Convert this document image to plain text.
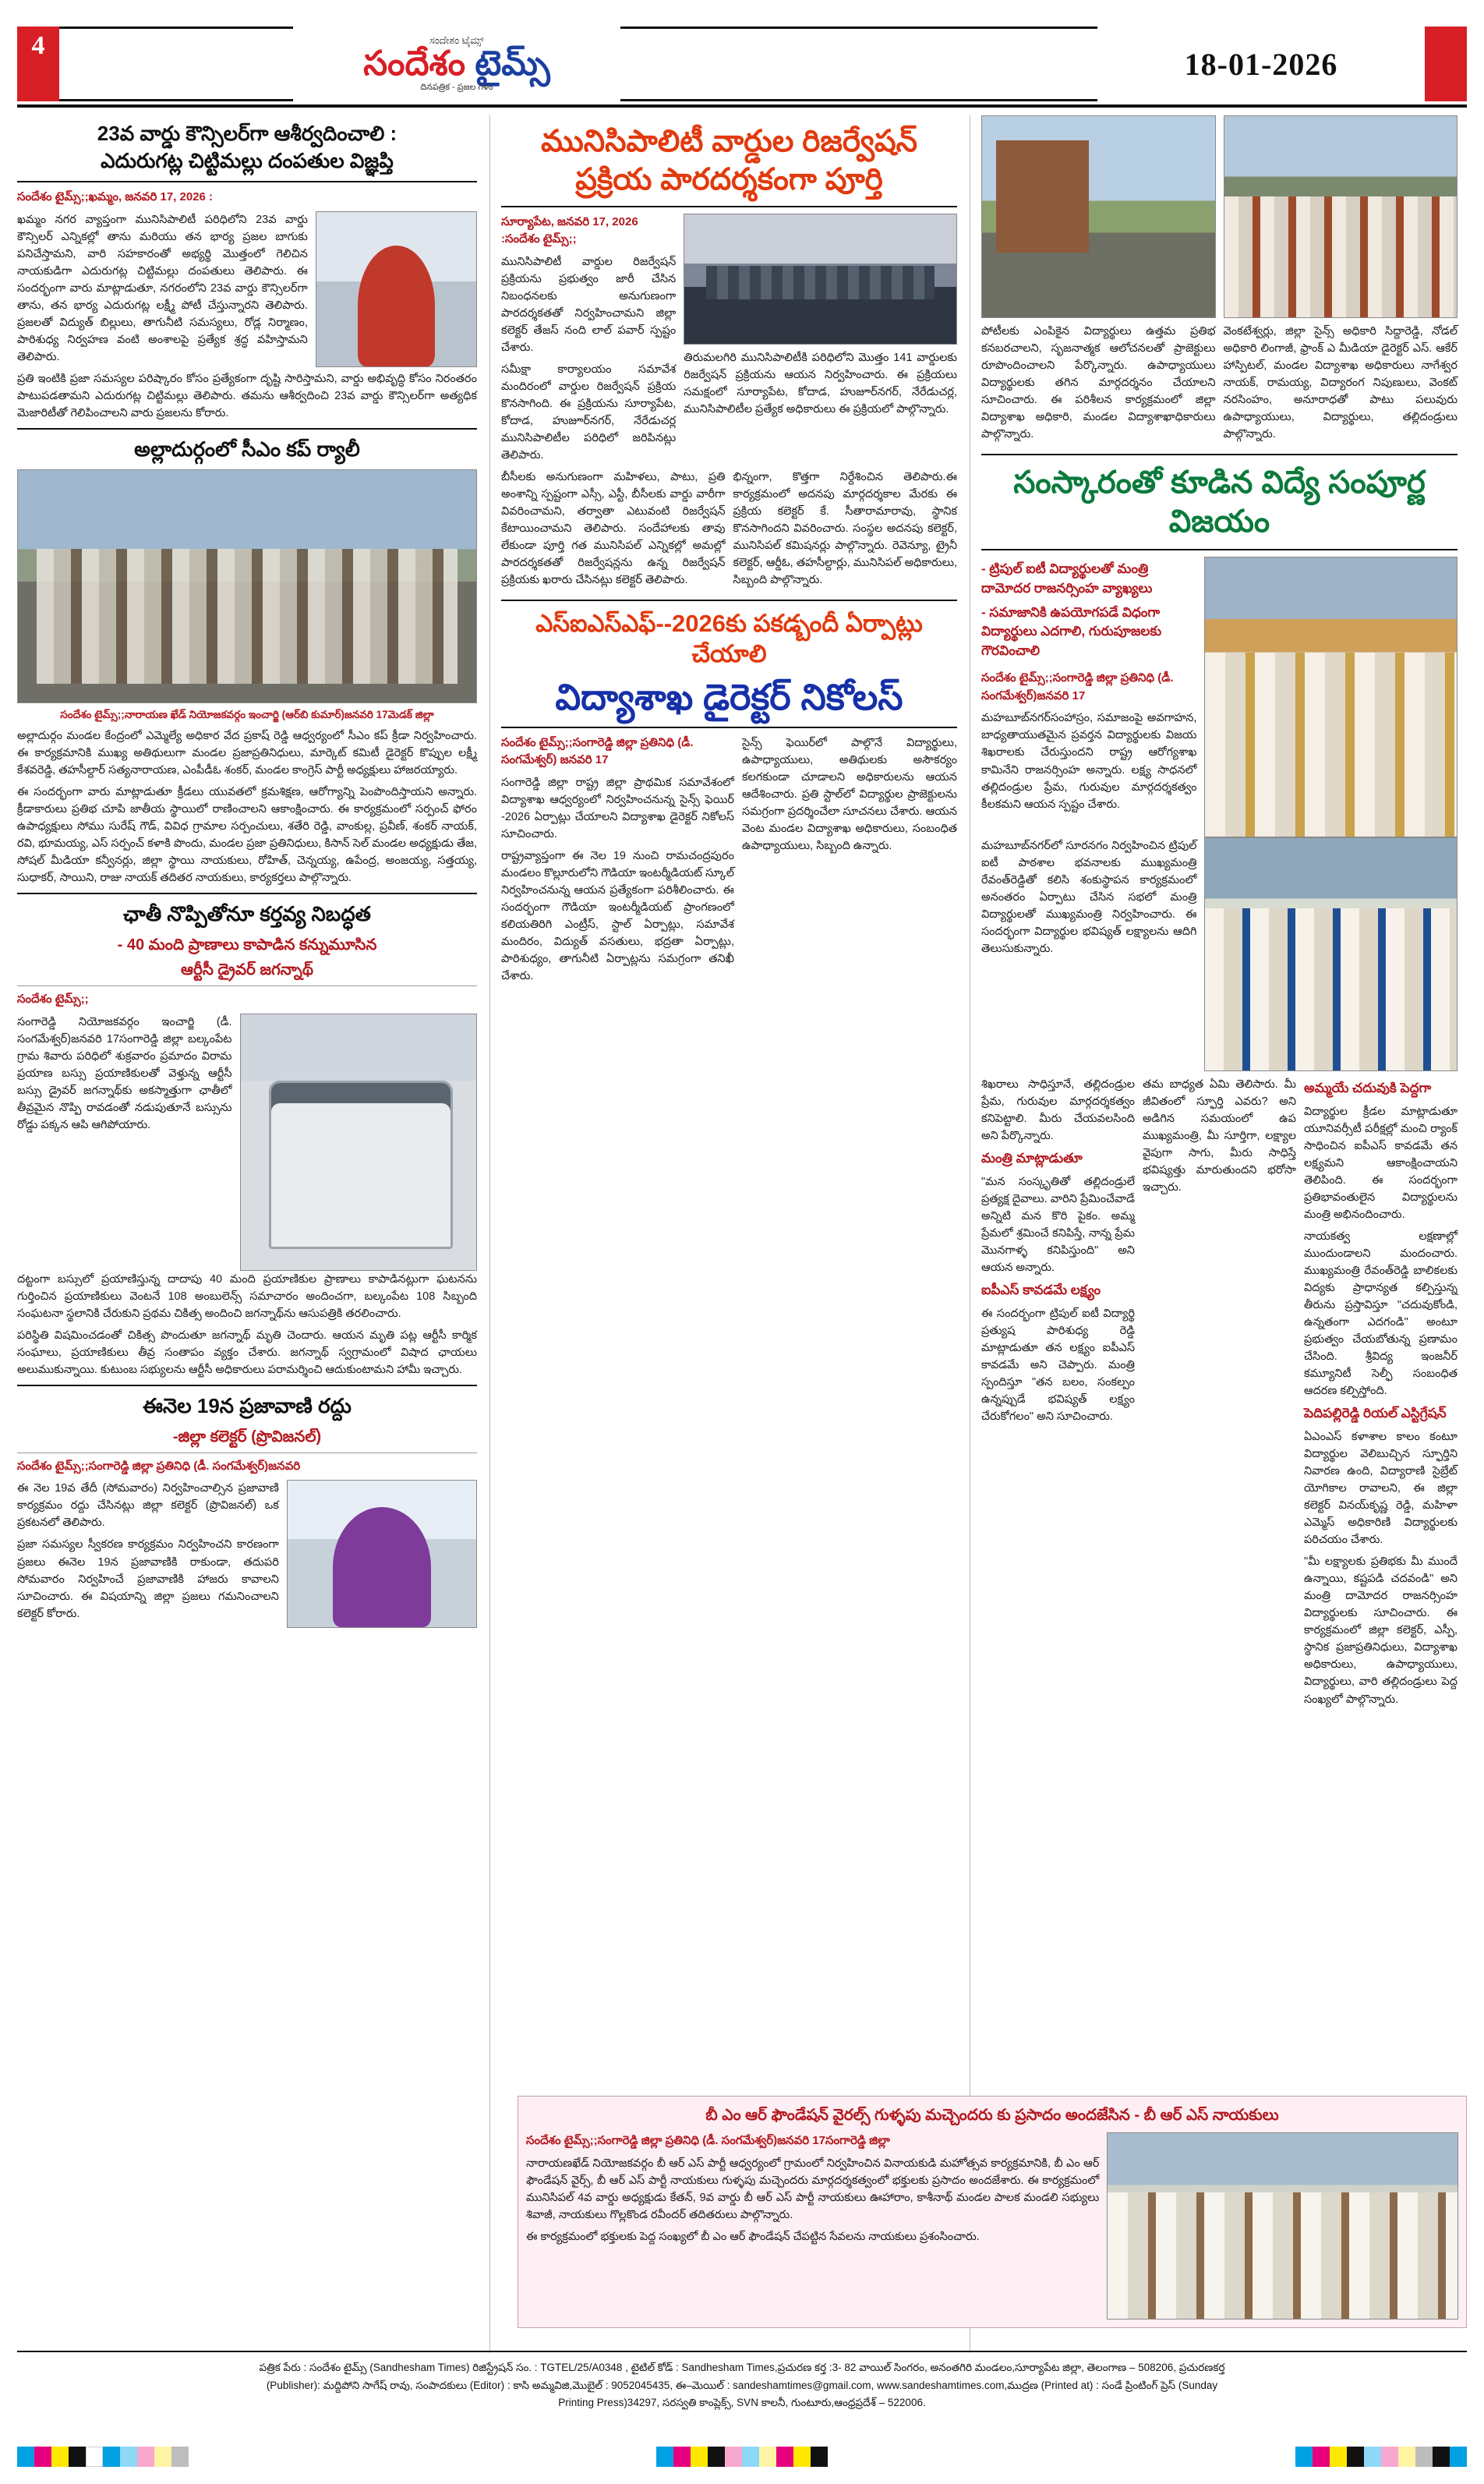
4	ಸಂದೇಶಂ ಟೈಮ್ಸ್
సందేశం టైమ్స్
దినపత్రిక - ప్రజల గళం
18-01-2026
23వ వార్డు కౌన్సిలర్‌గా ఆశీర్వదించాలి :
ఎదురుగట్ల చిట్టిమల్లు దంపతుల విజ్ఞప్తి
సందేశం టైమ్స్;;ఖమ్మం, జనవరి 17, 2026 :

ఖమ్మం నగర వ్యాప్తంగా మునిసిపాలిటీ పరిధిలోని 23వ వార్డు కౌన్సిలర్ ఎన్నికల్లో తాను మరియు తన భార్య ప్రజల బాగుకు పనిచేస్తామని, వారి సహకారంతో అభ్యర్థి మొత్తంలో గెలిచిన నాయకుడిగా ఎదురుగట్ల చిట్టిమల్లు దంపతులు తెలిపారు. ఈ సందర్భంగా వారు మాట్లాడుతూ, నగరంలోని 23వ వార్డు కౌన్సిలర్‌గా తాను, తన భార్య ఎదురుగట్ల లక్ష్మీ పోటీ చేస్తున్నారని తెలిపారు. ప్రజలతో విద్యుత్ బిల్లులు, తాగునీటి సమస్యలు, రోడ్ల నిర్మాణం, పారిశుధ్య నిర్వహణ వంటి అంశాలపై ప్రత్యేక శ్రద్ధ వహిస్తామని తెలిపారు.

ప్రతి ఇంటికి ప్రజా సమస్యల పరిష్కారం కోసం ప్రత్యేకంగా దృష్టి సారిస్తామని, వార్డు అభివృద్ధి కోసం నిరంతరం పాటుపడతామని ఎదురుగట్ల చిట్టిమల్లు తెలిపారు. తమను ఆశీర్వదించి 23వ వార్డు కౌన్సిలర్‌గా అత్యధిక మెజారిటీతో గెలిపించాలని వారు ప్రజలను కోరారు.

అల్లాదుర్గంలో సీఎం కప్ ర్యాలీ
సందేశం టైమ్స్;;నారాయణ ఖేడ్ నియోజకవర్గం ఇంచార్జి (ఆర్‌బి కుమార్)జనవరి 17మెడక్ జిల్లా

అల్లాదుర్గం మండల కేంద్రంలో ఎమ్మెల్యే అధికార వేద ప్రకాష్ రెడ్డి ఆధ్వర్యంలో సీఎం కప్ క్రీడా నిర్వహించారు. ఈ కార్యక్రమానికి ముఖ్య అతిథులుగా మండల ప్రజాప్రతినిధులు, మార్కెట్ కమిటీ డైరెక్టర్ కొప్పుల లక్ష్మీ కేశవరెడ్డి, తహసీల్దార్ సత్యనారాయణ, ఎంపీడీఓ శంకర్, మండల కాంగ్రెస్ పార్టీ అధ్యక్షులు హాజరయ్యారు.

ఈ సందర్భంగా వారు మాట్లాడుతూ క్రీడలు యువతలో క్రమశిక్షణ, ఆరోగ్యాన్ని పెంపొందిస్తాయని అన్నారు. క్రీడాకారులు ప్రతిభ చూపి జాతీయ స్థాయిలో రాణించాలని ఆకాంక్షించారు. ఈ కార్యక్రమంలో సర్పంచ్ ఫోరం ఉపాధ్యక్షులు సోము సురేష్ గౌడ్, వివిధ గ్రామాల సర్పంచులు, శతేరి రెడ్డి, వాంకుల్ల, ప్రవీణ్, శంకర్ నాయక్, రవి, భూమయ్య, ఎస్ సర్పంచ్ కళాకి పొందు, మండల ప్రజా ప్రతినిధులు, కిసాన్ సెల్ మండల అధ్యక్షుడు తేజ, సోషల్ మీడియా కన్వీనర్లు, జిల్లా స్థాయి నాయకులు, రోహిత్, చెన్నయ్య, ఉపేంద్ర, అంజయ్య, సత్తయ్య, సుధాకర్, సాయిని, రాజు నాయక్ తదితర నాయకులు, కార్యకర్తలు పాల్గొన్నారు.

ఛాతీ నొప్పితోనూ కర్తవ్య నిబద్ధత
- 40 మంది ప్రాణాలు కాపాడిన కన్నుమూసిన
ఆర్టీసీ డ్రైవర్ జగన్నాథ్
సందేశం టైమ్స్;;

సంగారెడ్డి నియోజకవర్గం ఇంచార్జి (డీ. సంగమేశ్వర్)జనవరి 17సంగారెడ్డి జిల్లా బల్కంపేట గ్రామ శివారు పరిధిలో శుక్రవారం ప్రమాదం విరామ ప్రయాణ బస్సు ప్రయాణికులతో వెళ్తున్న ఆర్టీసీ బస్సు డ్రైవర్ జగన్నాథ్‌కు అకస్మాత్తుగా ఛాతీలో తీవ్రమైన నొప్పి రావడంతో నడుపుతూనే బస్సును రోడ్డు పక్కన ఆపి ఆగిపోయారు.

దట్టంగా బస్సులో ప్రయాణిస్తున్న దాదాపు 40 మంది ప్రయాణికుల ప్రాణాలు కాపాడినట్లుగా ఘటనను గుర్తించిన ప్రయాణికులు వెంటనే 108 అంబులెన్స్ సమాచారం అందించగా, బల్కంపేట 108 సిబ్బంది సంఘటనా స్థలానికి చేరుకుని ప్రథమ చికిత్స అందించి జగన్నాథ్‌ను ఆసుపత్రికి తరలించారు.

పరిస్థితి విషమించడంతో చికిత్స పొందుతూ జగన్నాథ్ మృతి చెందారు. ఆయన మృతి పట్ల ఆర్టీసీ కార్మిక సంఘాలు, ప్రయాణికులు తీవ్ర సంతాపం వ్యక్తం చేశారు. జగన్నాథ్ స్వగ్రామంలో విషాద ఛాయలు అలుముకున్నాయి. కుటుంబ సభ్యులను ఆర్టీసీ అధికారులు పరామర్శించి ఆదుకుంటామని హామీ ఇచ్చారు.

ఈనెల 19న ప్రజావాణి రద్దు
-జిల్లా కలెక్టర్ (ప్రొవిజనల్)
సందేశం టైమ్స్;;సంగారెడ్డి జిల్లా ప్రతినిధి (డీ. సంగమేశ్వర్)జనవరి

ఈ నెల 19వ తేదీ (సోమవారం) నిర్వహించాల్సిన ప్రజావాణి కార్యక్రమం రద్దు చేసినట్లు జిల్లా కలెక్టర్ (ప్రొవిజనల్) ఒక ప్రకటనలో తెలిపారు.

ప్రజా సమస్యల స్వీకరణ కార్యక్రమం నిర్వహించని కారణంగా ప్రజలు ఈనెల 19న ప్రజావాణికి రాకుండా, తదుపరి సోమవారం నిర్వహించే ప్రజావాణికి హాజరు కావాలని సూచించారు. ఈ విషయాన్ని జిల్లా ప్రజలు గమనించాలని కలెక్టర్ కోరారు.

మునిసిపాలిటీ వార్డుల రిజర్వేషన్ ప్రక్రియ పారదర్శకంగా పూర్తి
సూర్యాపేట, జనవరి 17, 2026 :సందేశం టైమ్స్;;

మునిసిపాలిటీ వార్డుల రిజర్వేషన్ ప్రక్రియను ప్రభుత్వం జారీ చేసిన నిబంధనలకు అనుగుణంగా పారదర్శకతతో నిర్వహించామని జిల్లా కలెక్టర్ తేజస్ నంది లాల్ పవార్ స్పష్టం చేశారు.

సమీక్షా కార్యాలయం సమావేశ మందిరంలో వార్డుల రిజర్వేషన్ ప్రక్రియ కొనసాగింది. ఈ ప్రక్రియను సూర్యాపేట, కోదాడ, హుజూర్‌నగర్, నేరేడుచర్ల మునిసిపాలిటీల పరిధిలో జరిపినట్లు తెలిపారు.

తిరుమలగిరి మునిసిపాలిటీకి పరిధిలోని మొత్తం 141 వార్డులకు రిజర్వేషన్ ప్రక్రియను ఆయన నిర్వహించారు. ఈ ప్రక్రియలు సమక్షంలో సూర్యాపేట, కోదాడ, హుజూర్‌నగర్, నేరేడుచర్ల, మునిసిపాలిటీల ప్రత్యేక అధికారులు ఈ ప్రక్రియలో పాల్గొన్నారు.

బీసీలకు అనుగుణంగా మహిళలు, పాటు, ప్రతి అంశాన్ని స్పష్టంగా ఎస్సీ, ఎస్టీ, బీసీలకు వార్డు వారీగా వివరించామని, తర్వాతా ఎటువంటి రిజర్వేషన్ కేటాయించామని తెలిపారు. సందేహాలకు తావు లేకుండా పూర్తి గత మునిసిపల్ ఎన్నికల్లో అమల్లో పారదర్శకతతో రిజర్వేషన్లను ఉన్న రిజర్వేషన్ ప్రక్రియకు ఖరారు చేసినట్లు కలెక్టర్ తెలిపారు.

భిన్నంగా, కొత్తగా నిర్దేశించిన తెలిపారు.ఈ కార్యక్రమంలో అదనపు మార్గదర్శకాల మేరకు ఈ ప్రక్రియ కలెక్టర్ కే. సీతారామారావు, స్థానిక కొనసాగిందని వివరించారు. సంస్థల అదనపు కలెక్టర్, మునిసిపల్ కమిషనర్లు పాల్గొన్నారు. రెవెన్యూ, ట్రైనీ కలెక్టర్, ఆర్డీఓ, తహసీల్దార్లు, మునిసిపల్ అధికారులు, సిబ్బంది పాల్గొన్నారు.

ఎస్‌ఐఎస్‌ఎఫ్‌--2026కు పకడ్బందీ ఏర్పాట్లు చేయాలి
విద్యాశాఖ డైరెక్టర్ నికోలస్
సందేశం టైమ్స్;;సంగారెడ్డి జిల్లా ప్రతినిధి (డీ. సంగమేశ్వర్) జనవరి 17

సంగారెడ్డి జిల్లా రాష్ట్ర జిల్లా ప్రాథమిక సమావేశంలో విద్యాశాఖ ఆధ్వర్యంలో నిర్వహించనున్న సైన్స్ ఫెయిర్ -2026 ఏర్పాట్లు చేయాలని విద్యాశాఖ డైరెక్టర్ నికోలస్ సూచించారు.

రాష్ట్రవ్యాప్తంగా ఈ నెల 19 నుంచి రామచంద్రపురం మండలం కొల్లూరులోని గౌడియా ఇంటర్మీడియట్ స్కూల్ నిర్వహించనున్న ఆయన ప్రత్యేకంగా పరిశీలించారు. ఈ సందర్భంగా గౌడియా ఇంటర్మీడియట్ ప్రాంగణంలో కలియతిరిగి ఎంట్రీస్, స్టాల్ ఏర్పాట్లు, సమావేశ మందిరం, విద్యుత్ వసతులు, భద్రతా ఏర్పాట్లు, పారిశుధ్యం, తాగునీటి ఏర్పాట్లను సమగ్రంగా తనిఖీ చేశారు.

సైన్స్ ఫెయిర్‌లో పాల్గొనే విద్యార్థులు, ఉపాధ్యాయులు, అతిథులకు అసౌకర్యం కలగకుండా చూడాలని అధికారులను ఆయన ఆదేశించారు. ప్రతి స్టాల్‌లో విద్యార్థుల ప్రాజెక్టులను సమగ్రంగా ప్రదర్శించేలా సూచనలు చేశారు. ఆయన వెంట మండల విద్యాశాఖ అధికారులు, సంబంధిత ఉపాధ్యాయులు, సిబ్బంది ఉన్నారు.

పోటీలకు ఎంపికైన విద్యార్థులు ఉత్తమ ప్రతిభ కనబరచాలని, సృజనాత్మక ఆలోచనలతో ప్రాజెక్టులు రూపొందించాలని పేర్కొన్నారు. ఉపాధ్యాయులు విద్యార్థులకు తగిన మార్గదర్శనం చేయాలని సూచించారు. ఈ పరిశీలన కార్యక్రమంలో జిల్లా విద్యాశాఖ అధికారి, మండల విద్యాశాఖాధికారులు పాల్గొన్నారు.

వెంకటేశ్వర్లు, జిల్లా సైన్స్ అధికారి సిద్దారెడ్డి, నోడల్ అధికారి లింగాజీ, ఫ్రాంక్ ఎ మీడియా డైరెక్టర్ ఎస్. ఆకేర్ హాస్పిటల్, మండల విద్యాశాఖ అధికారులు నాగేశ్వర నాయక్, రామయ్య, విద్యారంగ నిపుణులు, వెంకట్ నరసింహం, అనూరాధతో పాటు పలువురు ఉపాధ్యాయులు, విద్యార్థులు, తల్లిదండ్రులు పాల్గొన్నారు.

సంస్కారంతో కూడిన విద్యే సంపూర్ణ విజయం
- ట్రిపుల్ ఐటీ విద్యార్థులతో మంత్రి దామోదర రాజనర్సింహ వ్యాఖ్యలు
- సమాజానికి ఉపయోగపడే విధంగా విద్యార్థులు ఎదగాలి, గురుపూజలకు గౌరవించాలి
సందేశం టైమ్స్;;సంగారెడ్డి జిల్లా ప్రతినిధి (డీ. సంగమేశ్వర్)జనవరి 17

మహబూబ్‌నగర్‌సంహాస్రం, సమాజంపై అవగాహన, బాధ్యతాయుతమైన ప్రవర్తన విద్యార్థులకు విజయ శిఖరాలకు చేరుస్తుందని రాష్ట్ర ఆరోగ్యశాఖ కామినేని రాజనర్సింహ అన్నారు. లక్ష్య సాధనలో తల్లిదండ్రుల ప్రేమ, గురువుల మార్గదర్శకత్వం కీలకమని ఆయన స్పష్టం చేశారు.

మహబూబ్‌నగర్‌లో సూరనగం నిర్వహించిన ట్రిపుల్ ఐటీ పాఠశాల భవనాలకు ముఖ్యమంత్రి రేవంత్‌రెడ్డితో కలిసి శంకుస్థాపన కార్యక్రమంలో అనంతరం ఏర్పాటు చేసిన సభలో మంత్రి విద్యార్థులతో ముఖ్యమంత్రి నిర్వహించారు. ఈ సందర్భంగా విద్యార్థుల భవిష్యత్ లక్ష్యాలను ఆదిగి తెలుసుకున్నారు.

శిఖరాలు సాధిస్తూనే, తల్లిదండ్రుల ప్రేమ, గురువుల మార్గదర్శకత్వం కనిపెట్టాలి. మీరు చేయవలసింది అని పేర్కొన్నారు.

మంత్రి మాట్లాడుతూ

"మన సంస్కృతితో తల్లిదండ్రులే ప్రత్యక్ష దైవాలు. వారిని ప్రేమించేవాడే అన్నిటి మన కొరి పైకం. అమ్మ ప్రేమలో శ్రమించే కనిపిస్తే, నాన్న ప్రేమ మొనగాళ్ళ కనిపిస్తుంది" అని ఆయన అన్నారు.

ఐపీఎస్ కావడమే లక్ష్యం

ఈ సందర్భంగా ట్రిపుల్ ఐటీ విద్యార్థి ప్రత్యుష పారిశుధ్య రెడ్డి మాట్లాడుతూ తన లక్ష్యం ఐపీఎస్ కావడమే అని చెప్పారు. మంత్రి స్పందిస్తూ "తన బలం, సంకల్పం ఉన్నప్పుడే భవిష్యత్ లక్ష్యం చేరుకోగలం" అని సూచించారు.

తమ బాధ్యత ఏమి తెలిసారు. మీ జీవితంలో స్ఫూర్తి ఎవరు? అని అడిగిన సమయంలో ఉప ముఖ్యమంత్రి, మీ సూర్తిగా, లక్ష్యాల వైపుగా సాగు, మీరు సాధిస్తే భవిష్యత్తు మారుతుందని భరోసా ఇచ్చారు.

అమ్మయే చదువుకి పెద్దగా

విద్యార్థుల క్రీడల మాట్లాడుతూ యూనివర్సీటీ పరీక్షల్లో మంచి ర్యాంక్ సాధించిన ఐపీఎస్ కావడమే తన లక్ష్యమని ఆకాంక్షించాయని తెలిపింది. ఈ సందర్భంగా ప్రతిభావంతులైన విద్యార్థులను మంత్రి అభినందించారు.

నాయకత్వ లక్షణాల్లో ముందుండాలని మందంచారు. ముఖ్యమంత్రి రేవంత్‌రెడ్డి బాలికలకు విద్యకు ప్రాధాన్యత కల్పిస్తున్న తీరును ప్రస్తావిస్తూ "చదువుకోండి, ఉన్నతంగా ఎదగండి" అంటూ ప్రభుత్వం చేయబోతున్న ప్రణామం చేసింది. శ్రీవిద్య ఇంజనీర్ కమ్యూనిటీ సెల్ఫీ సంబంధిత ఆదరణ కల్పిస్తోంది.

పెదిపల్లిరెడ్డి రియల్ ఎస్టిగ్రేషన్

ఏఎంఎస్ కళాశాల కాలం కంటూ విద్యార్థుల వెలిబుచ్చిన స్ఫూర్తిని నివారణ ఉంది, విద్యారాణి సైబ్రేట్ యోగికాల రావాలని, ఈ జిల్లా కలెక్టర్ వినయ్‌కృష్ణ రెడ్డి, మహిళా ఎమ్మెస్ అధికారిణి విద్యార్థులకు పరిచయం చేశారు.

"మీ లక్ష్యాలకు ప్రతిభకు మీ ముందే ఉన్నాయి, కష్టపడి చదవండి" అని మంత్రి దామోదర రాజనర్సింహ విద్యార్థులకు సూచించారు. ఈ కార్యక్రమంలో జిల్లా కలెక్టర్, ఎస్పీ, స్థానిక ప్రజాప్రతినిధులు, విద్యాశాఖ అధికారులు, ఉపాధ్యాయులు, విద్యార్థులు, వారి తల్లిదండ్రులు పెద్ద సంఖ్యలో పాల్గొన్నారు.

బీ ఎం ఆర్ ఫౌండేషన్ వైరల్స్ గుళ్ళపు మచ్చెందరు కు ప్రసాదం అందజేసిన - బీ ఆర్ ఎస్ నాయకులు
సందేశం టైమ్స్;;సంగారెడ్డి జిల్లా ప్రతినిధి (డీ. సంగమేశ్వర్)జనవరి 17సంగారెడ్డి జిల్లా

నారాయణఖేడ్ నియోజకవర్గం బీ ఆర్ ఎస్ పార్టీ ఆధ్వర్యంలో గ్రామంలో నిర్వహించిన వినాయకుడి మహోత్సవ కార్యక్రమానికి, బీ ఎం ఆర్ ఫౌండేషన్ వైర్స్, బీ ఆర్ ఎస్ పార్టీ నాయకులు గుళ్ళపు మచ్చెందరు మార్గదర్శకత్వంలో భక్తులకు ప్రసాదం అందజేశారు. ఈ కార్యక్రమంలో మునిసిపల్ 4వ వార్డు అధ్యక్షుడు కేతన్, 9వ వార్డు బీ ఆర్ ఎస్ పార్టీ నాయకులు ఊహారాం, కాశీనాథ్ మండల పాలక మండలి సభ్యులు శివాజీ, నాయకులు గొల్లకొండ రవీందర్ తదితరులు పాల్గొన్నారు.

ఈ కార్యక్రమంలో భక్తులకు పెద్ద సంఖ్యలో బీ ఎం ఆర్ ఫౌండేషన్ చేపట్టిన సేవలను నాయకులు ప్రశంసించారు.

పత్రిక పేరు : సందేశం టైమ్స్ (Sandhesham Times) రిజిస్ట్రేషన్ సం. : TGTEL/25/A0348 , టైటిల్ కోడ్ : Sandhesham Times,ప్రచురణ కర్త :3- 82 వాయిల్ సింగరం, అనంతగిరి మండలం,సూర్యాపేట జిల్లా, తెలంగాణ – 508206, ప్రచురణకర్త

(Publisher): మద్దిపోని సాగేష్ రావు, సంపాదకులు (Editor) : కాసి అమ్మవిజి,మొబైల్ : 9052045435, ఈ–మెయిల్ : sandeshamtimes@gmail.com, www.sandeshamtimes.com,ముద్రణ (Printed at) : సండే ప్రింటింగ్ ప్రెస్ (Sunday

Printing Press)34297, సరస్వతి కాంప్లెక్స్, SVN కాలనీ, గుంటూరు,ఆంధ్రప్రదేశ్ – 522006.
